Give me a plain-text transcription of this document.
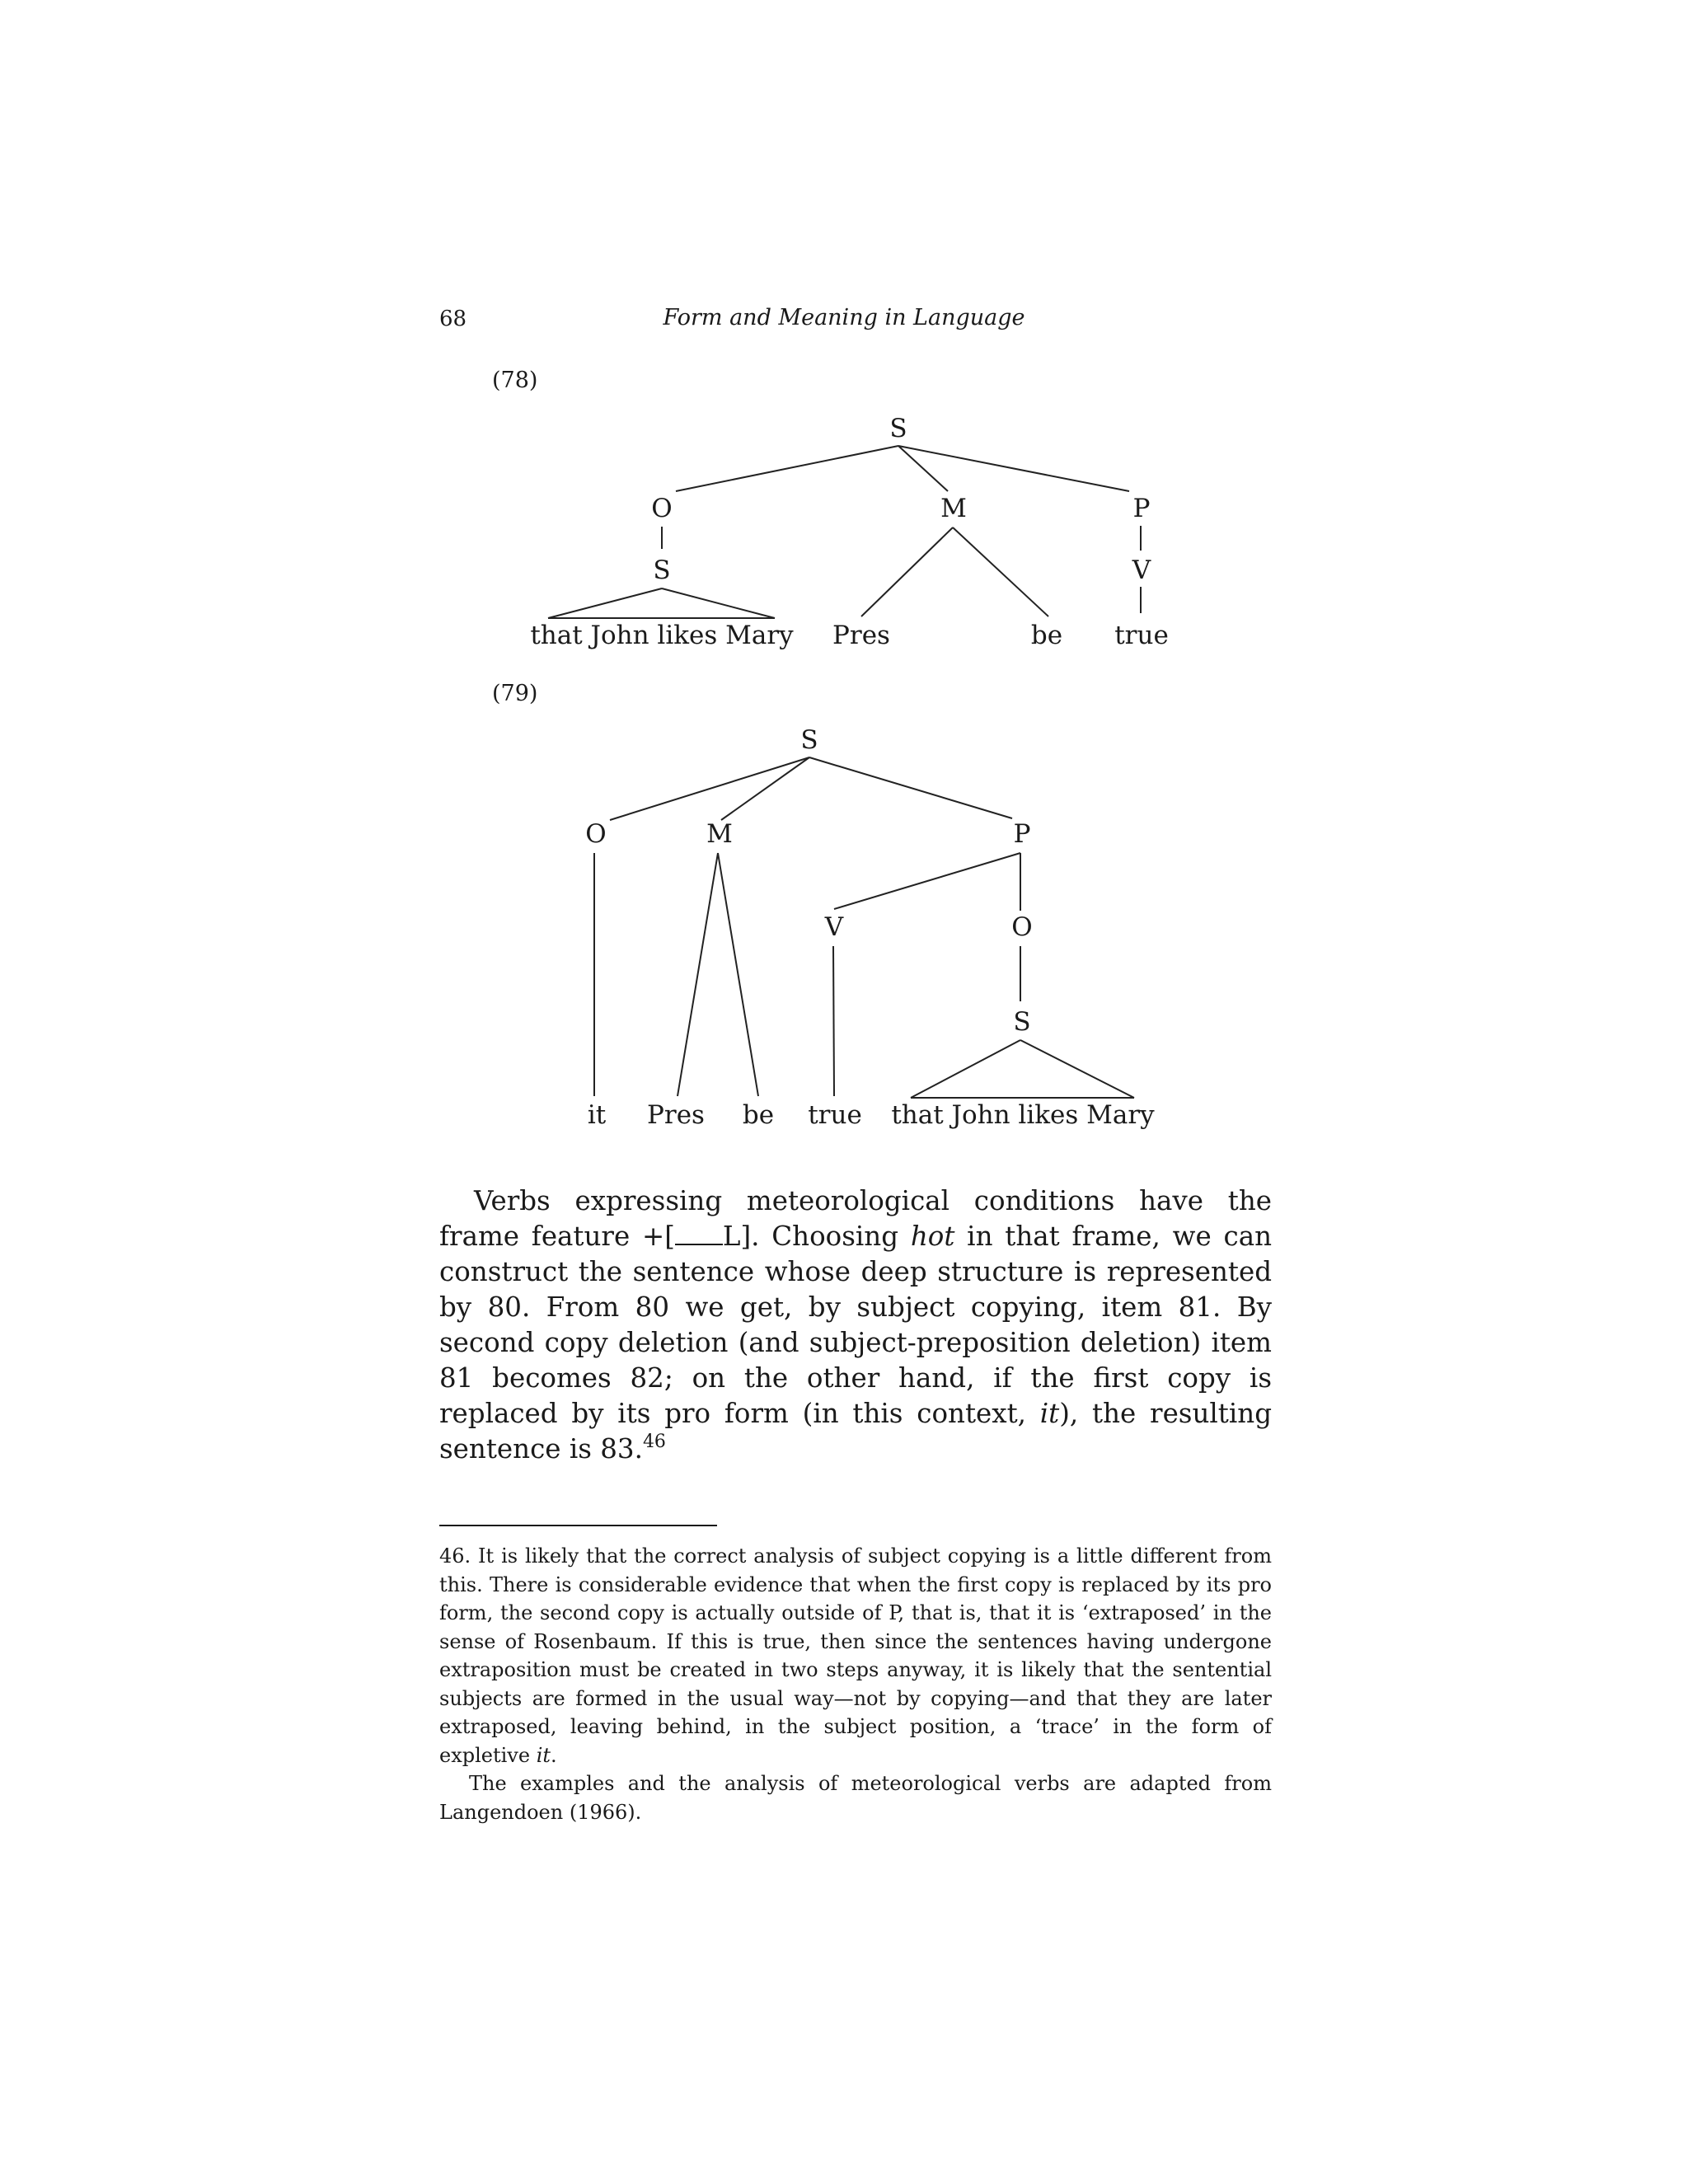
68	Form and Meaning in Language
(78)
(79)
S
O	M	P
S	V
that John likes Mary Pres	be true
S
O	M	P
V	O
S
it Pres be true that John likes Mary

Verbs expressing meteorological conditions have the frame feature +[ L]. Choosing hot in that frame, we can construct the sentence whose deep structure is represented by 80. From 80 we get, by subject copying, item 81. By second copy deletion (and subject-preposition deletion) item 81 becomes 82; on the other hand, if the first copy is replaced by its pro form (in this context, it), the resulting sentence is 83.46

46. It is likely that the correct analysis of subject copying is a little different from this. There is considerable evidence that when the first copy is replaced by its pro form, the second copy is actually outside of P, that is, that it is ‘extraposed’ in the sense of Rosenbaum. If this is true, then since the sentences having undergone extraposition must be created in two steps anyway, it is likely that the sentential subjects are formed in the usual way—not by copying—and that they are later extraposed, leaving behind, in the subject position, a ‘trace’ in the form of expletive it.

The examples and the analysis of meteorological verbs are adapted from Langendoen (1966).
